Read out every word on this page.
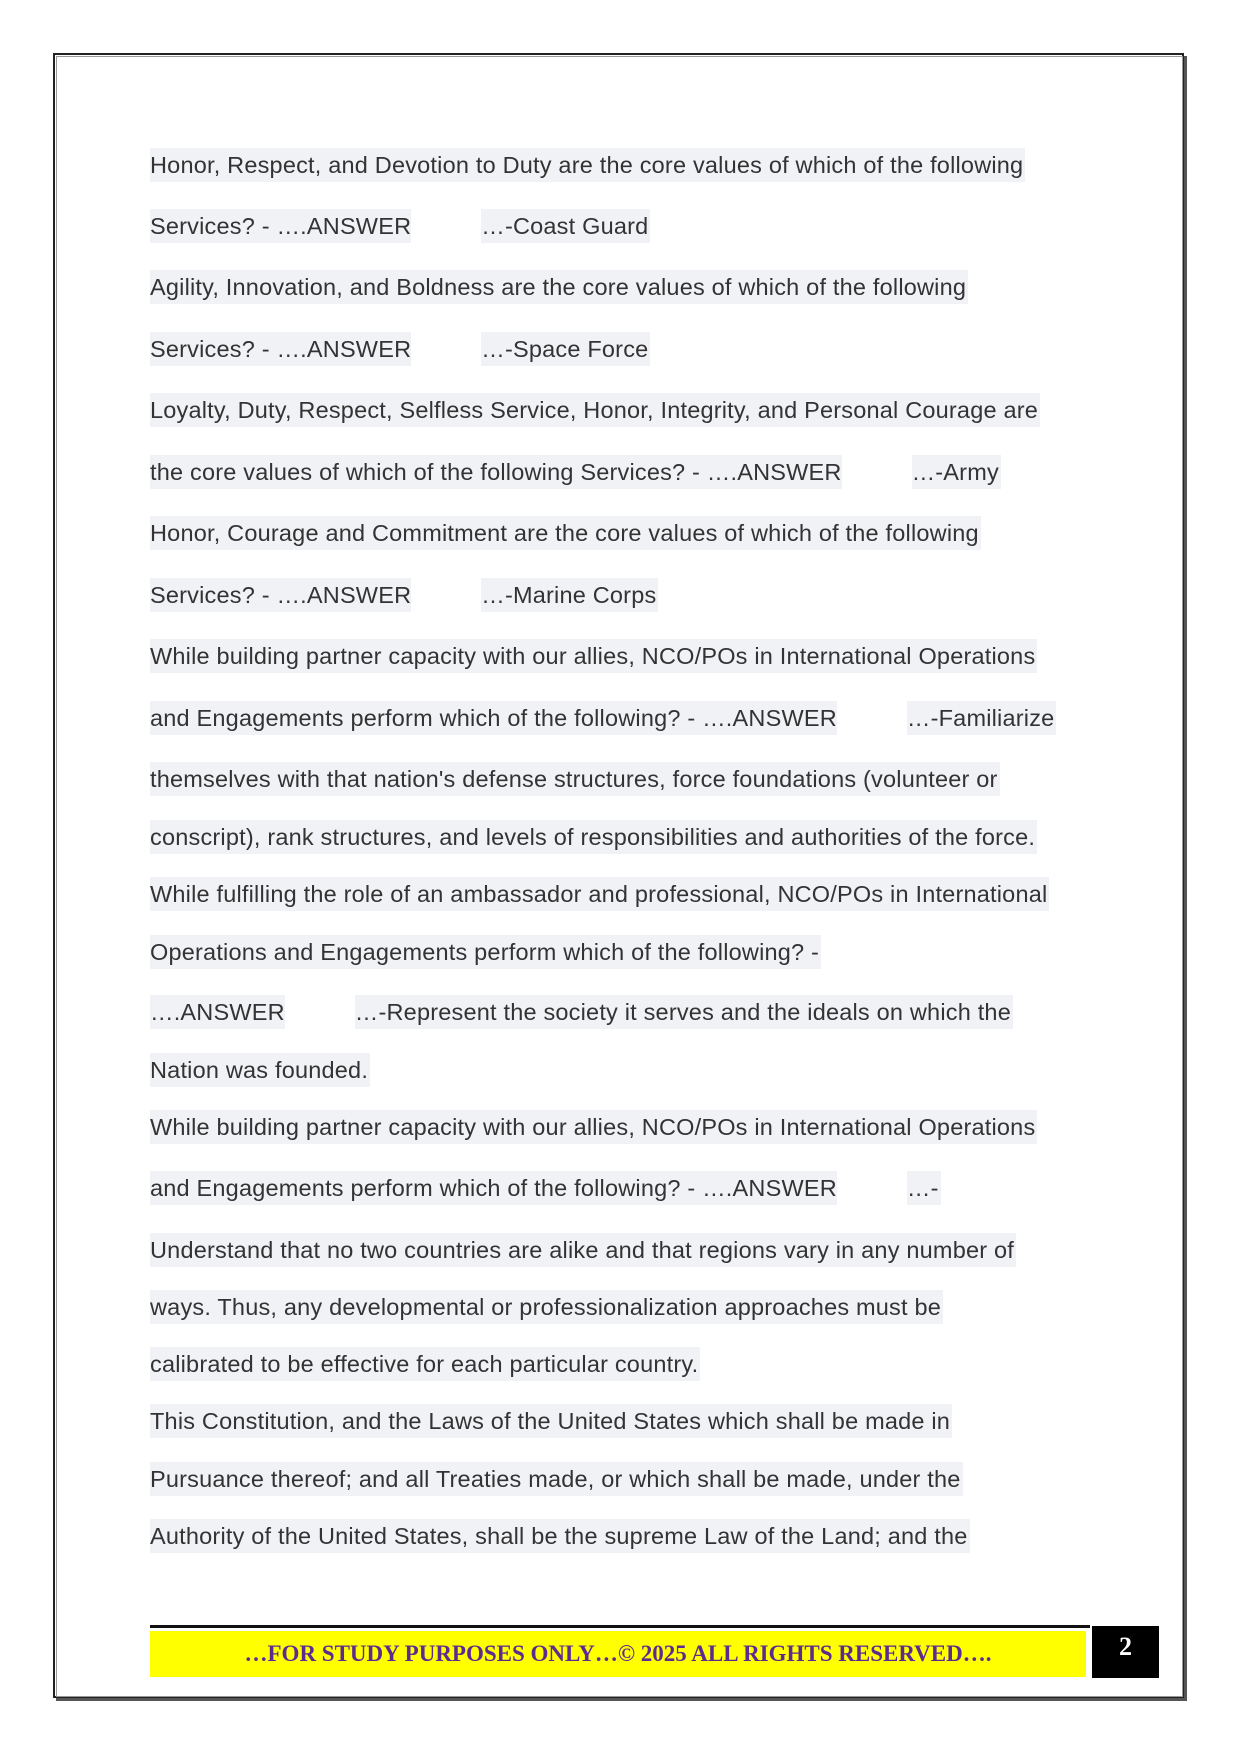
Honor, Respect, and Devotion to Duty are the core values of which of the following
Services? - ….ANSWER	…-Coast Guard
Agility, Innovation, and Boldness are the core values of which of the following
Services? - ….ANSWER	…-Space Force
Loyalty, Duty, Respect, Selfless Service, Honor, Integrity, and Personal Courage are
the core values of which of the following Services? - ….ANSWER	…-Army
Honor, Courage and Commitment are the core values of which of the following
Services? - ….ANSWER	…-Marine Corps
While building partner capacity with our allies, NCO/POs in International Operations
and Engagements perform which of the following? - ….ANSWER	…-Familiarize
themselves with that nation's defense structures, force foundations (volunteer or
conscript), rank structures, and levels of responsibilities and authorities of the force.
While fulfilling the role of an ambassador and professional, NCO/POs in International
Operations and Engagements perform which of the following? -
….ANSWER	…-Represent the society it serves and the ideals on which the
Nation was founded.
While building partner capacity with our allies, NCO/POs in International Operations
and Engagements perform which of the following? - ….ANSWER	…-
Understand that no two countries are alike and that regions vary in any number of
ways. Thus, any developmental or professionalization approaches must be
calibrated to be effective for each particular country.
This Constitution, and the Laws of the United States which shall be made in
Pursuance thereof; and all Treaties made, or which shall be made, under the
Authority of the United States, shall be the supreme Law of the Land; and the
…FOR STUDY PURPOSES ONLY…© 2025 ALL RIGHTS RESERVED….	2
